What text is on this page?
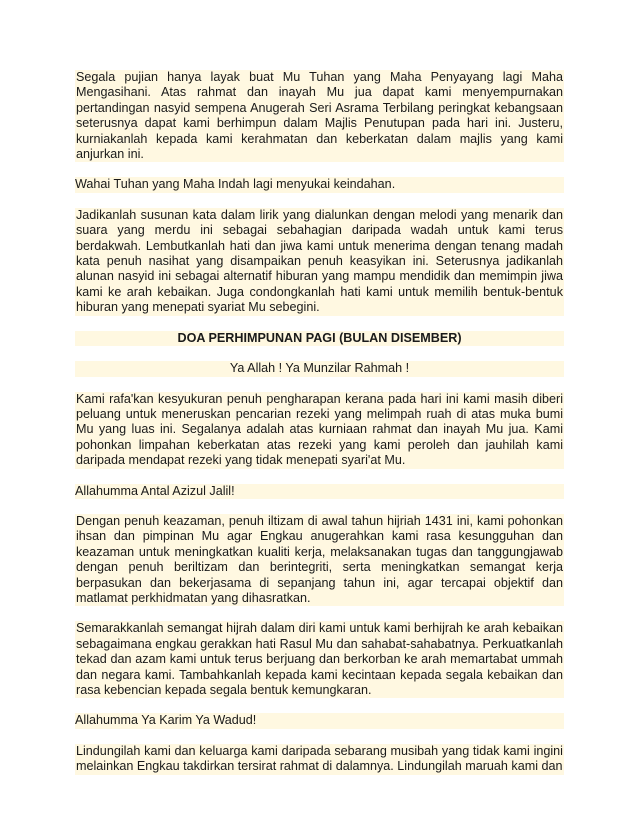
Segala pujian hanya layak buat Mu Tuhan yang Maha Penyayang lagi Maha Mengasihani. Atas rahmat dan inayah Mu jua dapat kami menyempurnakan pertandingan nasyid sempena Anugerah Seri Asrama Terbilang peringkat kebangsaan seterusnya dapat kami berhimpun dalam Majlis Penutupan pada hari ini. Justeru, kurniakanlah kepada kami kerahmatan dan keberkatan dalam majlis yang kami anjurkan ini.

Wahai Tuhan yang Maha Indah lagi menyukai keindahan.

Jadikanlah susunan kata dalam lirik yang dialunkan dengan melodi yang menarik dan suara yang merdu ini sebagai sebahagian daripada wadah untuk kami terus berdakwah. Lembutkanlah hati dan jiwa kami untuk menerima dengan tenang madah kata penuh nasihat yang disampaikan penuh keasyikan ini. Seterusnya jadikanlah alunan nasyid ini sebagai alternatif hiburan yang mampu mendidik dan memimpin jiwa kami ke arah kebaikan. Juga condongkanlah hati kami untuk memilih bentuk-bentuk hiburan yang menepati syariat Mu sebegini.

DOA PERHIMPUNAN PAGI (BULAN DISEMBER)

Ya Allah ! Ya Munzilar Rahmah !

Kami rafa'kan kesyukuran penuh pengharapan kerana pada hari ini kami masih diberi peluang untuk meneruskan pencarian rezeki yang melimpah ruah di atas muka bumi Mu yang luas ini. Segalanya adalah atas kurniaan rahmat dan inayah Mu jua. Kami pohonkan limpahan keberkatan atas rezeki yang kami peroleh dan jauhilah kami daripada mendapat rezeki yang tidak menepati syari'at Mu.

Allahumma Antal Azizul Jalil!

Dengan penuh keazaman, penuh iltizam di awal tahun hijriah 1431 ini, kami pohonkan ihsan dan pimpinan Mu agar Engkau anugerahkan kami rasa kesungguhan dan keazaman untuk meningkatkan kualiti kerja, melaksanakan tugas dan tanggungjawab dengan penuh beriltizam dan berintegriti, serta meningkatkan semangat kerja berpasukan dan bekerjasama di sepanjang tahun ini, agar tercapai objektif dan matlamat perkhidmatan yang dihasratkan.

Semarakkanlah semangat hijrah dalam diri kami untuk kami berhijrah ke arah kebaikan sebagaimana engkau gerakkan hati Rasul Mu dan sahabat-sahabatnya. Perkuatkanlah tekad dan azam kami untuk terus berjuang dan berkorban ke arah memartabat ummah dan negara kami. Tambahkanlah kepada kami kecintaan kepada segala kebaikan dan rasa kebencian kepada segala bentuk kemungkaran.

Allahumma Ya Karim Ya Wadud!

Lindungilah kami dan keluarga kami daripada sebarang musibah yang tidak kami ingini melainkan Engkau takdirkan tersirat rahmat di dalamnya. Lindungilah maruah kami dan
